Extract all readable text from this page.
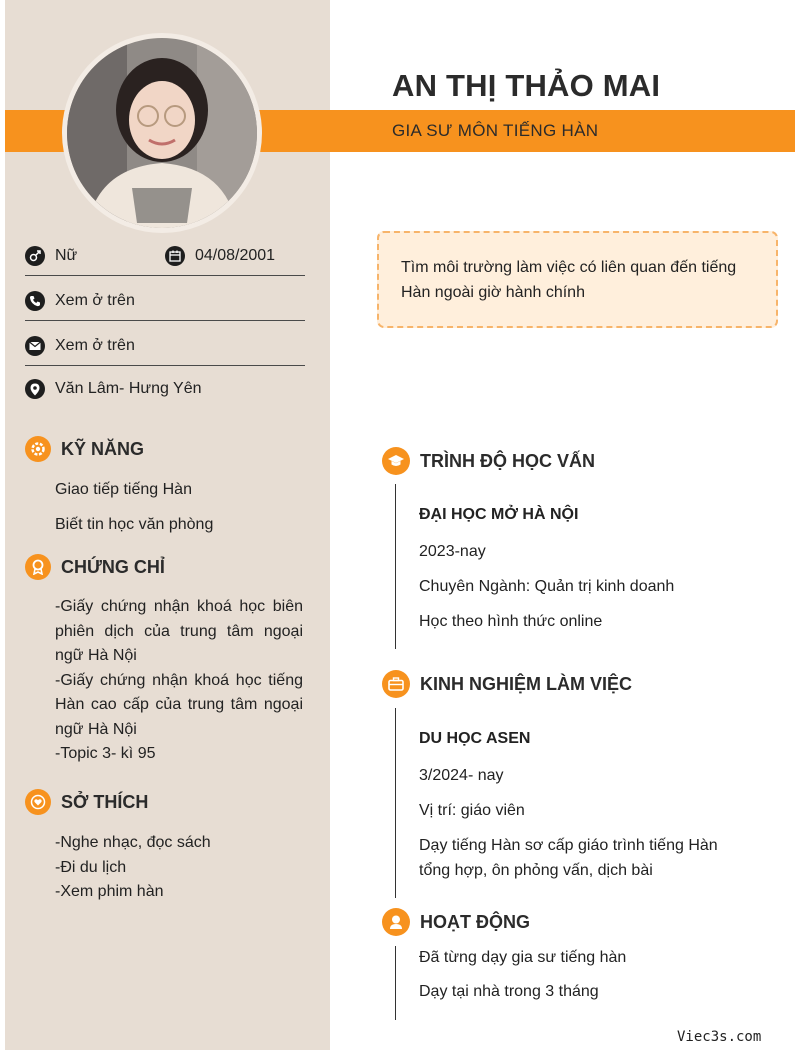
AN THỊ THẢO MAI
GIA SƯ MÔN TIẾNG HÀN
Nữ	04/08/2001
Xem ở trên
Xem ở trên
Văn Lâm- Hưng Yên
KỸ NĂNG
Giao tiếp tiếng Hàn
Biết tin học văn phòng
CHỨNG CHỈ
-Giấy chứng nhận khoá học biên phiên dịch của trung tâm ngoại ngữ Hà Nội
-Giấy chứng nhận khoá học tiếng Hàn cao cấp của trung tâm ngoại ngữ Hà Nội
-Topic 3- kì 95
SỞ THÍCH
-Nghe nhạc, đọc sách
-Đi du lịch
-Xem phim hàn
Tìm môi trường làm việc có liên quan đến tiếng Hàn ngoài giờ hành chính
TRÌNH ĐỘ HỌC VẤN
ĐẠI HỌC MỞ HÀ NỘI
2023-nay
Chuyên Ngành: Quản trị kinh doanh
Học theo hình thức online
KINH NGHIỆM LÀM VIỆC
DU HỌC ASEN
3/2024- nay
Vị trí: giáo viên
Dạy tiếng Hàn sơ cấp giáo trình tiếng Hàn tổng hợp, ôn phỏng vấn, dịch bài
HOẠT ĐỘNG
Đã từng dạy gia sư tiếng hàn
Dạy tại nhà trong 3 tháng
Viec3s.com
